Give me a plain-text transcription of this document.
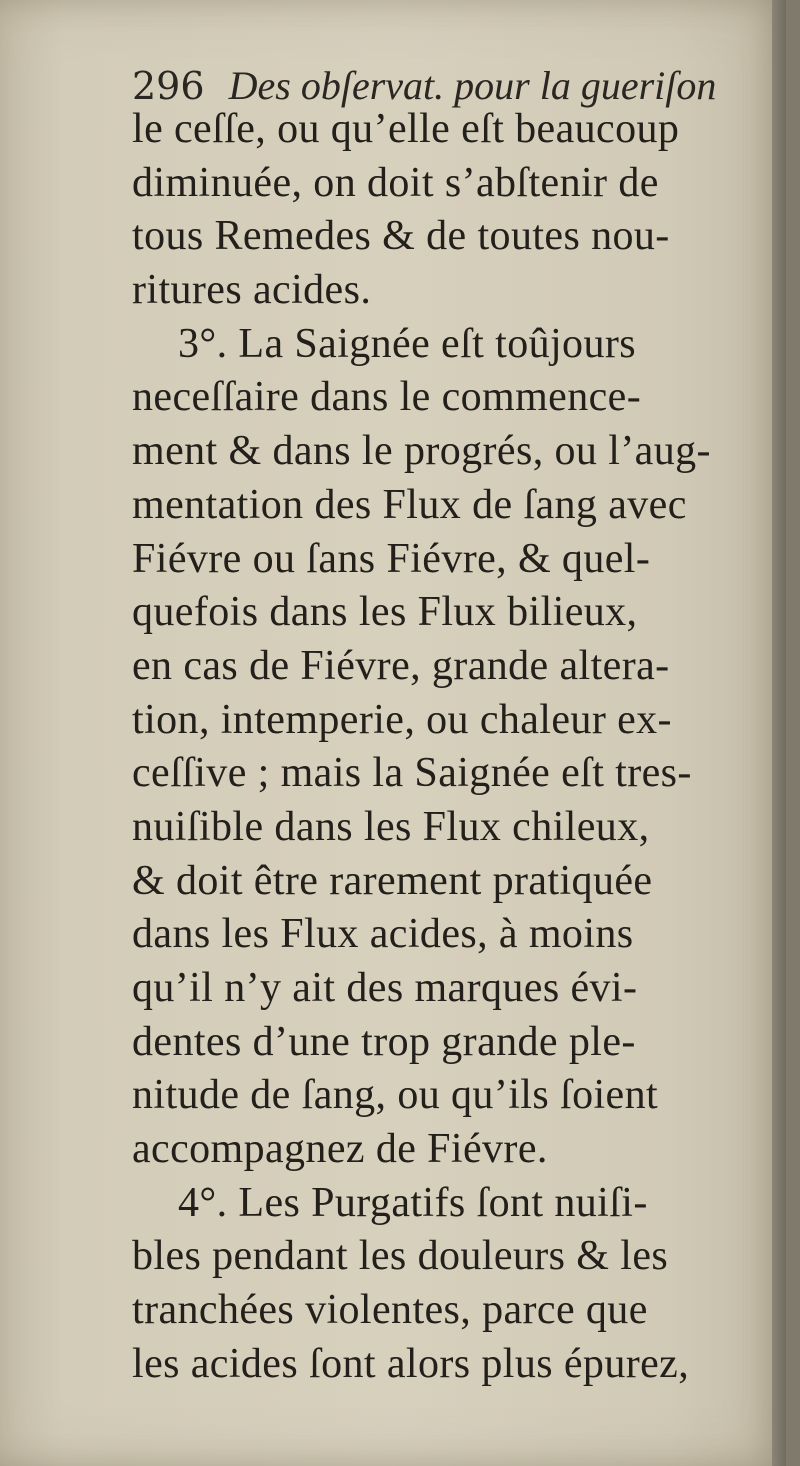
296 Des obſervat. pour la gueriſon
le ceſſe, ou qu’elle eſt beaucoup
diminuée, on doit s’abſtenir de
tous Remedes & de toutes nou-
ritures acides.
3°. La Saignée eſt toûjours
neceſſaire dans le commence-
ment & dans le progrés, ou l’aug-
mentation des Flux de ſang avec
Fiévre ou ſans Fiévre, & quel-
quefois dans les Flux bilieux,
en cas de Fiévre, grande altera-
tion, intemperie, ou chaleur ex-
ceſſive ; mais la Saignée eſt tres-
nuiſible dans les Flux chileux,
& doit être rarement pratiquée
dans les Flux acides, à moins
qu’il n’y ait des marques évi-
dentes d’une trop grande ple-
nitude de ſang, ou qu’ils ſoient
accompagnez de Fiévre.
4°. Les Purgatifs ſont nuiſi-
bles pendant les douleurs & les
tranchées violentes, parce que
les acides ſont alors plus épurez,
